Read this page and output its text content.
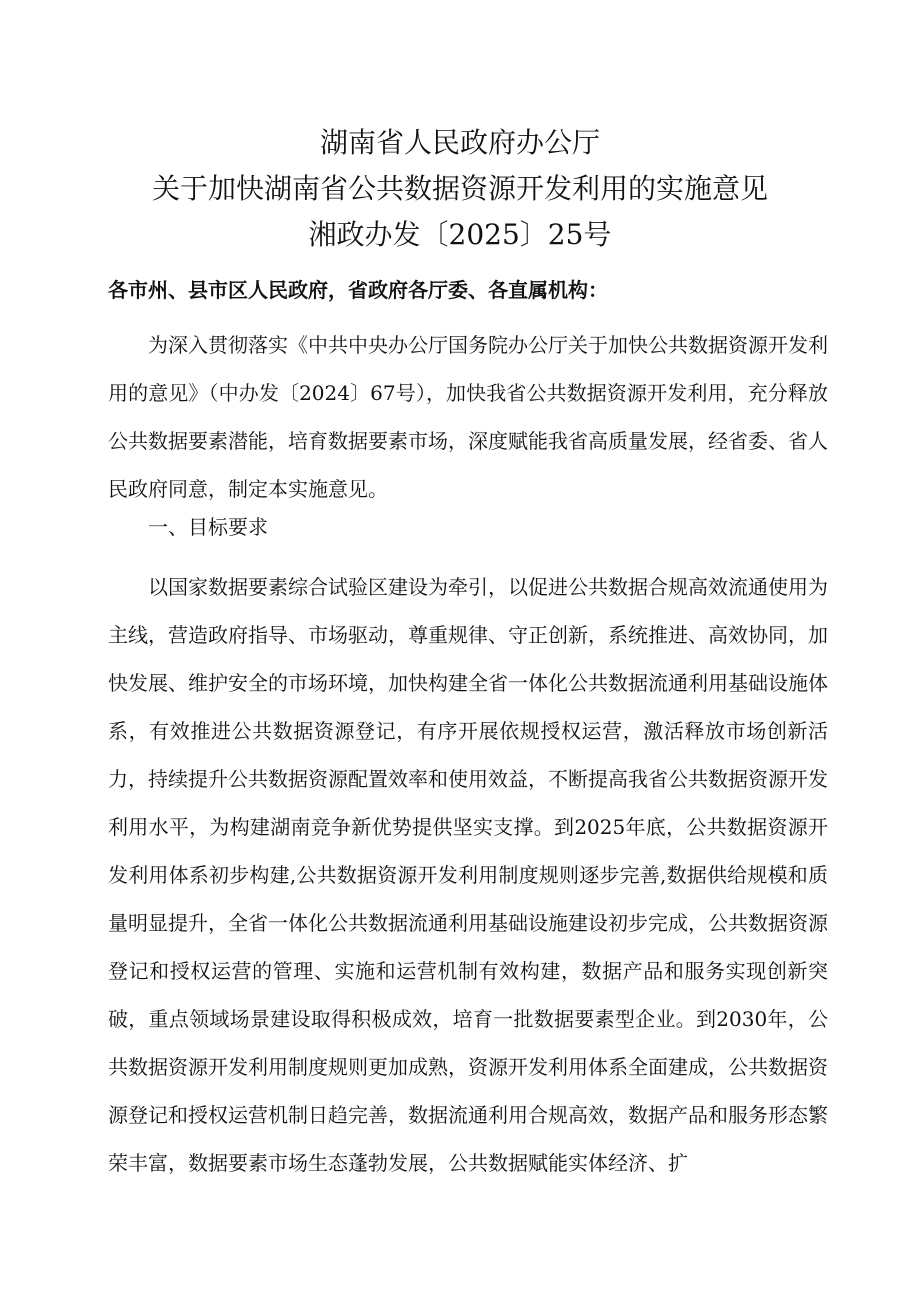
湖南省人民政府办公厅
关于加快湖南省公共数据资源开发利用的实施意见
湘政办发〔2025〕25号
各市州、县市区人民政府，省政府各厅委、各直属机构：

为深入贯彻落实《中共中央办公厅国务院办公厅关于加快公共数据资源开发利用的意见》（中办发〔2024〕67号），加快我省公共数据资源开发利用，充分释放公共数据要素潜能，培育数据要素市场，深度赋能我省高质量发展，经省委、省人民政府同意，制定本实施意见。

一、目标要求

以国家数据要素综合试验区建设为牵引，以促进公共数据合规高效流通使用为主线，营造政府指导、市场驱动，尊重规律、守正创新，系统推进、高效协同，加快发展、维护安全的市场环境，加快构建全省一体化公共数据流通利用基础设施体系，有效推进公共数据资源登记，有序开展依规授权运营，激活释放市场创新活力，持续提升公共数据资源配置效率和使用效益，不断提高我省公共数据资源开发利用水平，为构建湖南竞争新优势提供坚实支撑。到2025年底，公共数据资源开发利用体系初步构建,公共数据资源开发利用制度规则逐步完善,数据供给规模和质量明显提升，全省一体化公共数据流通利用基础设施建设初步完成，公共数据资源登记和授权运营的管理、实施和运营机制有效构建，数据产品和服务实现创新突破，重点领域场景建设取得积极成效，培育一批数据要素型企业。到2030年，公共数据资源开发利用制度规则更加成熟，资源开发利用体系全面建成，公共数据资源登记和授权运营机制日趋完善，数据流通利用合规高效，数据产品和服务形态繁荣丰富，数据要素市场生态蓬勃发展，公共数据赋能实体经济、扩
